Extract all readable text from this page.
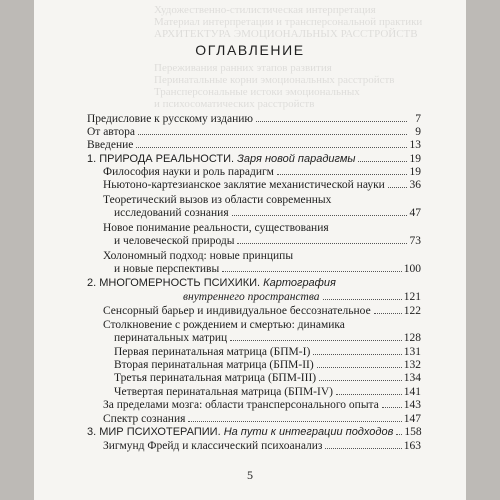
Художественно-стилистическая интерпретация
Материал интерпретации и трансперсональной практики
АРХИТЕКТУРА ЭМОЦИОНАЛЬНЫХ РАССТРОЙСТВ
Переживания ранних этапов развития
Перинатальные корни эмоциональных расстройств
Трансперсональные истоки эмоциональных
и психосоматических расстройств
ОГЛАВЛЕНИЕ
Предисловие к русскому изданию	7
От автора	9
Введение	13
1. ПРИРОДА РЕАЛЬНОСТИ. Заря новой парадигмы	19
Философия науки и роль парадигм	19
Ньютоно-картезианское заклятие механистической науки 36
Теоретический вызов из области современных
исследований сознания	47
Новое понимание реальности, существования
и человеческой природы	73
Холономный подход: новые принципы
и новые перспективы	100
2. МНОГОМЕРНОСТЬ ПСИХИКИ. Картография
внутреннего пространства	121
Сенсорный барьер и индивидуальное бессознательное	122
Столкновение с рождением и смертью: динамика
перинатальных матриц	128
Первая перинатальная матрица (БПМ-I)	131
Вторая перинатальная матрица (БПМ-II)	132
Третья перинатальная матрица (БПМ-III)	134
Четвертая перинатальная матрица (БПМ-IV)	141
За пределами мозга: области трансперсонального опыта 143
Спектр сознания	147
3. МИР ПСИХОТЕРАПИИ. На пути к интеграции подходов 158
Зигмунд Фрейд и классический психоанализ	163
5
